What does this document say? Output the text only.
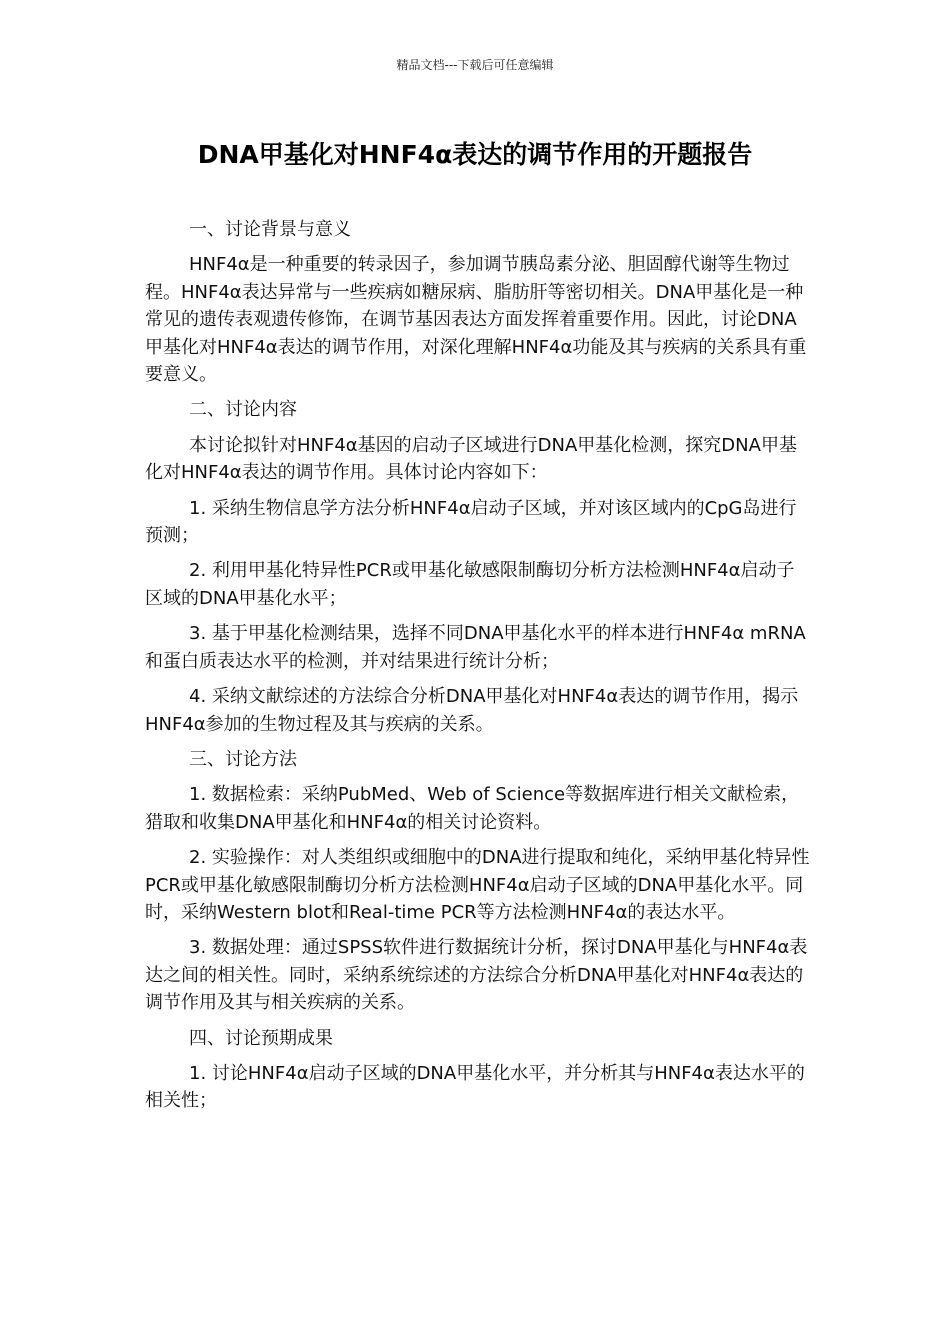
精品文档---下载后可任意编辑
DNA甲基化对HNF4α表达的调节作用的开题报告

一、讨论背景与意义

HNF4α是一种重要的转录因子，参加调节胰岛素分泌、胆固醇代谢等生物过程。HNF4α表达异常与一些疾病如糖尿病、脂肪肝等密切相关。DNA甲基化是一种常见的遗传表观遗传修饰，在调节基因表达方面发挥着重要作用。因此，讨论DNA甲基化对HNF4α表达的调节作用，对深化理解HNF4α功能及其与疾病的关系具有重要意义。

二、讨论内容

本讨论拟针对HNF4α基因的启动子区域进行DNA甲基化检测，探究DNA甲基化对HNF4α表达的调节作用。具体讨论内容如下：

1. 采纳生物信息学方法分析HNF4α启动子区域，并对该区域内的CpG岛进行预测；

2. 利用甲基化特异性PCR或甲基化敏感限制酶切分析方法检测HNF4α启动子区域的DNA甲基化水平；

3. 基于甲基化检测结果，选择不同DNA甲基化水平的样本进行HNF4α mRNA和蛋白质表达水平的检测，并对结果进行统计分析；

4. 采纳文献综述的方法综合分析DNA甲基化对HNF4α表达的调节作用，揭示HNF4α参加的生物过程及其与疾病的关系。

三、讨论方法

1. 数据检索：采纳PubMed、Web of Science等数据库进行相关文献检索，猎取和收集DNA甲基化和HNF4α的相关讨论资料。

2. 实验操作：对人类组织或细胞中的DNA进行提取和纯化，采纳甲基化特异性PCR或甲基化敏感限制酶切分析方法检测HNF4α启动子区域的DNA甲基化水平。同时，采纳Western blot和Real-time PCR等方法检测HNF4α的表达水平。

3. 数据处理：通过SPSS软件进行数据统计分析，探讨DNA甲基化与HNF4α表达之间的相关性。同时，采纳系统综述的方法综合分析DNA甲基化对HNF4α表达的调节作用及其与相关疾病的关系。

四、讨论预期成果

1. 讨论HNF4α启动子区域的DNA甲基化水平，并分析其与HNF4α表达水平的相关性；
